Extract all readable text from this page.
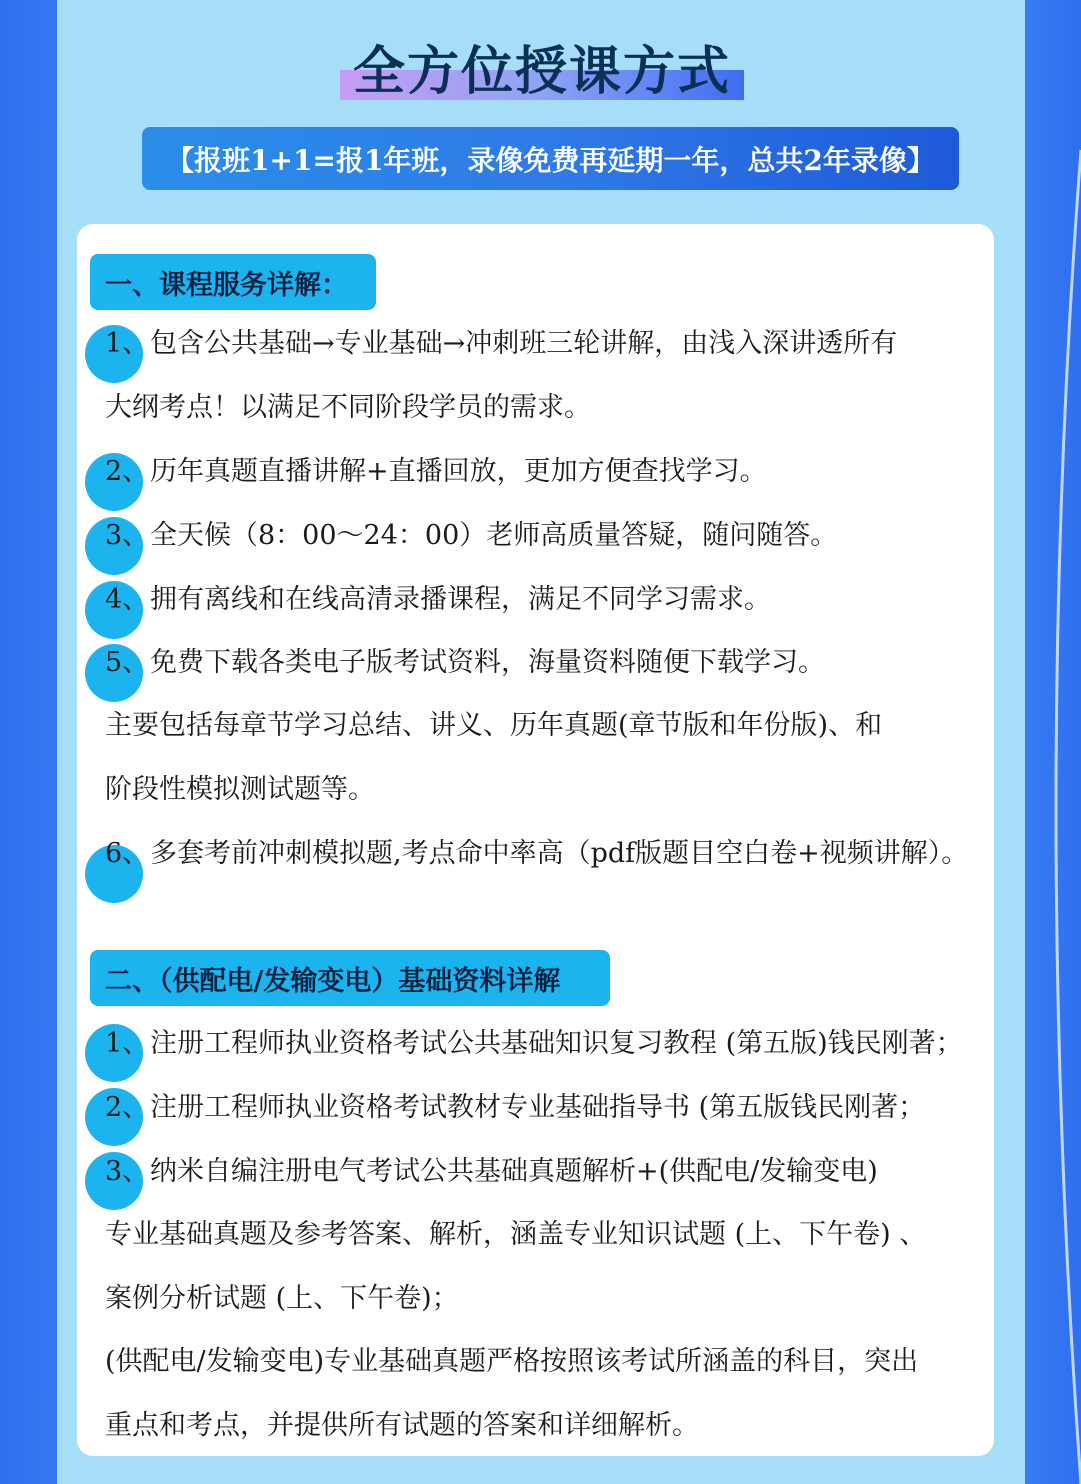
全方位授课方式
【报班1+1=报1年班，录像免费再延期一年，总共2年录像】
一、课程服务详解：
1、 包含公共基础→专业基础→冲刺班三轮讲解，由浅入深讲透所有
大纲考点！以满足不同阶段学员的需求。
2、 历年真题直播讲解+直播回放，更加方便查找学习。
3、 全天候（8：00～24：00）老师高质量答疑，随问随答。
4、 拥有离线和在线高清录播课程，满足不同学习需求。
5、 免费下载各类电子版考试资料，海量资料随便下载学习。
主要包括每章节学习总结、讲义、历年真题(章节版和年份版)、和
阶段性模拟测试题等。
6、 多套考前冲刺模拟题,考点命中率高（pdf版题目空白卷+视频讲解）。
二、（供配电/发输变电）基础资料详解
1、 注册工程师执业资格考试公共基础知识复习教程 (第五版)钱民刚著；
2、 注册工程师执业资格考试教材专业基础指导书 (第五版钱民刚著；
3、 纳米自编注册电气考试公共基础真题解析+(供配电/发输变电)
专业基础真题及参考答案、解析，涵盖专业知识试题 (上、下午卷) 、
案例分析试题 (上、下午卷)；
(供配电/发输变电)专业基础真题严格按照该考试所涵盖的科目，突出
重点和考点，并提供所有试题的答案和详细解析。
